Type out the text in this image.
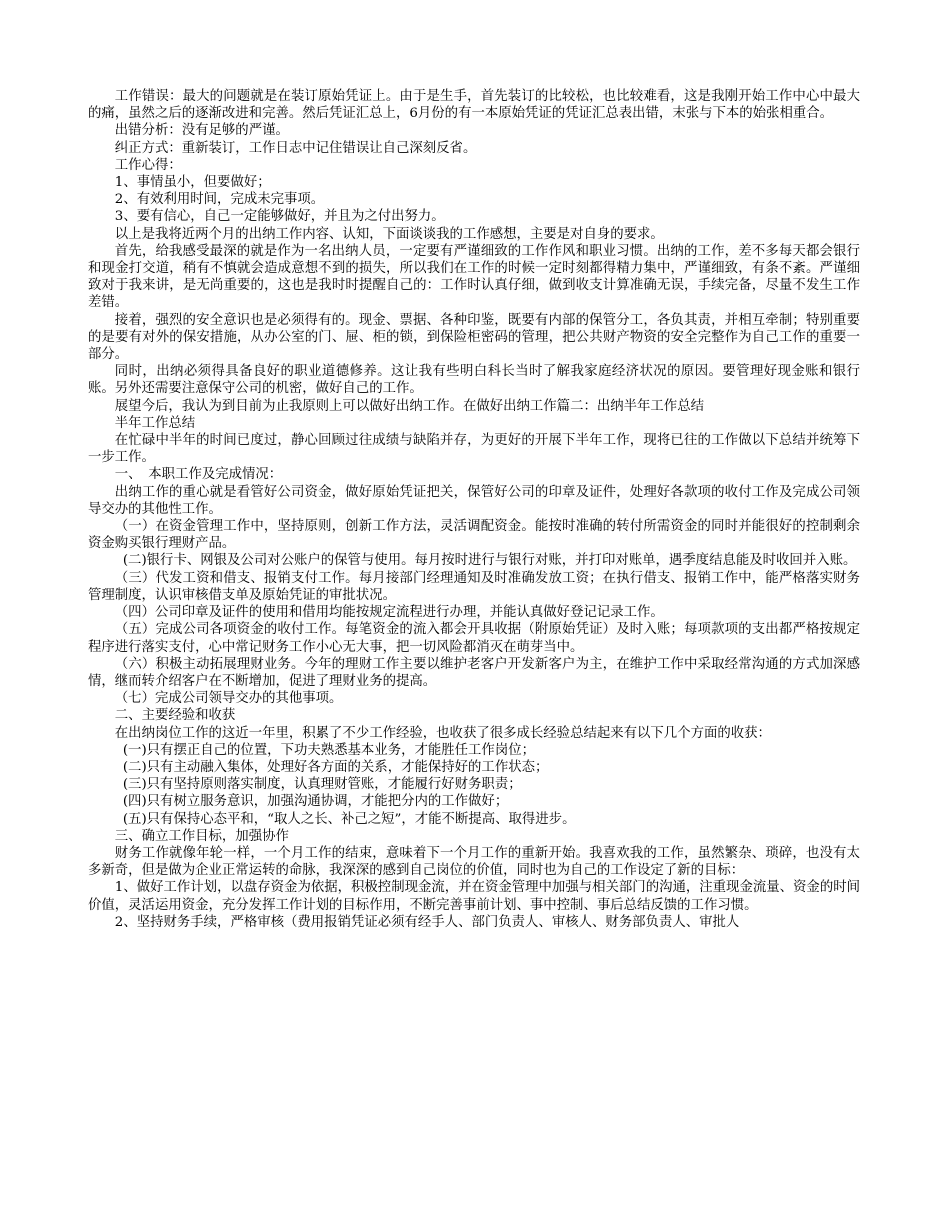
工作错误：最大的问题就是在装订原始凭证上。由于是生手，首先装订的比较松，也比较难看，这是我刚开始工作中心中最大的痛，虽然之后的逐渐改进和完善。然后凭证汇总上，6月份的有一本原始凭证的凭证汇总表出错，末张与下本的始张相重合。

出错分析：没有足够的严谨。

纠正方式：重新装订，工作日志中记住错误让自己深刻反省。

工作心得：

1、事情虽小，但要做好；

2、有效利用时间，完成未完事项。

3、要有信心，自己一定能够做好，并且为之付出努力。

以上是我将近两个月的出纳工作内容、认知，下面谈谈我的工作感想，主要是对自身的要求。

首先，给我感受最深的就是作为一名出纳人员，一定要有严谨细致的工作作风和职业习惯。出纳的工作，差不多每天都会银行和现金打交道，稍有不慎就会造成意想不到的损失，所以我们在工作的时候一定时刻都得精力集中，严谨细致，有条不紊。严谨细致对于我来讲，是无尚重要的，这也是我时时提醒自己的：工作时认真仔细，做到收支计算准确无误，手续完备，尽量不发生工作差错。

接着，强烈的安全意识也是必须得有的。现金、票据、各种印鉴，既要有内部的保管分工，各负其责，并相互牵制；特别重要的是要有对外的保安措施，从办公室的门、屉、柜的锁，到保险柜密码的管理，把公共财产物资的安全完整作为自己工作的重要一部分。

同时，出纳必须得具备良好的职业道德修养。这让我有些明白科长当时了解我家庭经济状况的原因。要管理好现金账和银行账。另外还需要注意保守公司的机密，做好自己的工作。

展望今后，我认为到目前为止我原则上可以做好出纳工作。在做好出纳工作篇二：出纳半年工作总结

半年工作总结

在忙碌中半年的时间已度过，静心回顾过往成绩与缺陷并存，为更好的开展下半年工作，现将已往的工作做以下总结并统筹下一步工作。

一、　本职工作及完成情况：

出纳工作的重心就是看管好公司资金，做好原始凭证把关，保管好公司的印章及证件，处理好各款项的收付工作及完成公司领导交办的其他性工作。

（一）在资金管理工作中，坚持原则，创新工作方法，灵活调配资金。能按时准确的转付所需资金的同时并能很好的控制剩余资金购买银行理财产品。

(二)银行卡、网银及公司对公账户的保管与使用。每月按时进行与银行对账，并打印对账单，遇季度结息能及时收回并入账。

（三）代发工资和借支、报销支付工作。每月接部门经理通知及时准确发放工资；在执行借支、报销工作中，能严格落实财务管理制度，认识审核借支单及原始凭证的审批状况。

（四）公司印章及证件的使用和借用均能按规定流程进行办理，并能认真做好登记记录工作。

（五）完成公司各项资金的收付工作。每笔资金的流入都会开具收据（附原始凭证）及时入账；每项款项的支出都严格按规定程序进行落实支付，心中常记财务工作小心无大事，把一切风险都消灭在萌芽当中。

（六）积极主动拓展理财业务。今年的理财工作主要以维护老客户开发新客户为主，在维护工作中采取经常沟通的方式加深感情，继而转介绍客户在不断增加，促进了理财业务的提高。

（七）完成公司领导交办的其他事项。

二、主要经验和收获

在出纳岗位工作的这近一年里，积累了不少工作经验，也收获了很多成长经验总结起来有以下几个方面的收获：

(一)只有摆正自己的位置，下功夫熟悉基本业务，才能胜任工作岗位；

(二)只有主动融入集体，处理好各方面的关系，才能保持好的工作状态；

(三)只有坚持原则落实制度，认真理财管账，才能履行好财务职责；

(四)只有树立服务意识，加强沟通协调，才能把分内的工作做好；

(五)只有保持心态平和，“取人之长、补己之短”，才能不断提高、取得进步。

三、确立工作目标，加强协作

财务工作就像年轮一样，一个月工作的结束，意味着下一个月工作的重新开始。我喜欢我的工作，虽然繁杂、琐碎，也没有太多新奇，但是做为企业正常运转的命脉，我深深的感到自己岗位的价值，同时也为自己的工作设定了新的目标：

1、做好工作计划，以盘存资金为依据，积极控制现金流，并在资金管理中加强与相关部门的沟通，注重现金流量、资金的时间价值，灵活运用资金，充分发挥工作计划的目标作用，不断完善事前计划、事中控制、事后总结反馈的工作习惯。

2、坚持财务手续，严格审核（费用报销凭证必须有经手人、部门负责人、审核人、财务部负责人、审批人
